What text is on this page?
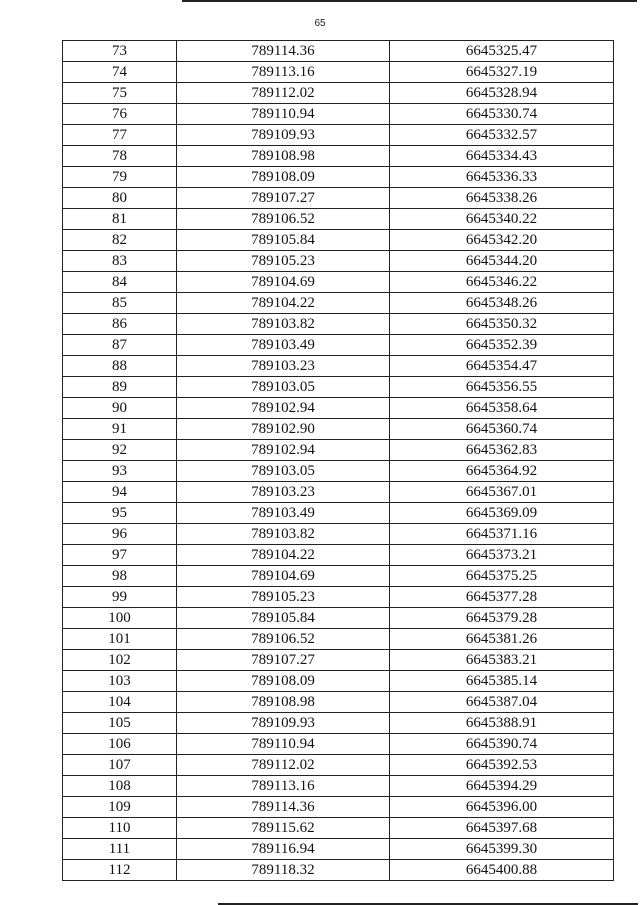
65
73	789114.36	6645325.47
74	789113.16	6645327.19
75	789112.02	6645328.94
76	789110.94	6645330.74
77	789109.93	6645332.57
78	789108.98	6645334.43
79	789108.09	6645336.33
80	789107.27	6645338.26
81	789106.52	6645340.22
82	789105.84	6645342.20
83	789105.23	6645344.20
84	789104.69	6645346.22
85	789104.22	6645348.26
86	789103.82	6645350.32
87	789103.49	6645352.39
88	789103.23	6645354.47
89	789103.05	6645356.55
90	789102.94	6645358.64
91	789102.90	6645360.74
92	789102.94	6645362.83
93	789103.05	6645364.92
94	789103.23	6645367.01
95	789103.49	6645369.09
96	789103.82	6645371.16
97	789104.22	6645373.21
98	789104.69	6645375.25
99	789105.23	6645377.28
100	789105.84	6645379.28
101	789106.52	6645381.26
102	789107.27	6645383.21
103	789108.09	6645385.14
104	789108.98	6645387.04
105	789109.93	6645388.91
106	789110.94	6645390.74
107	789112.02	6645392.53
108	789113.16	6645394.29
109	789114.36	6645396.00
110	789115.62	6645397.68
111	789116.94	6645399.30
112	789118.32	6645400.88
